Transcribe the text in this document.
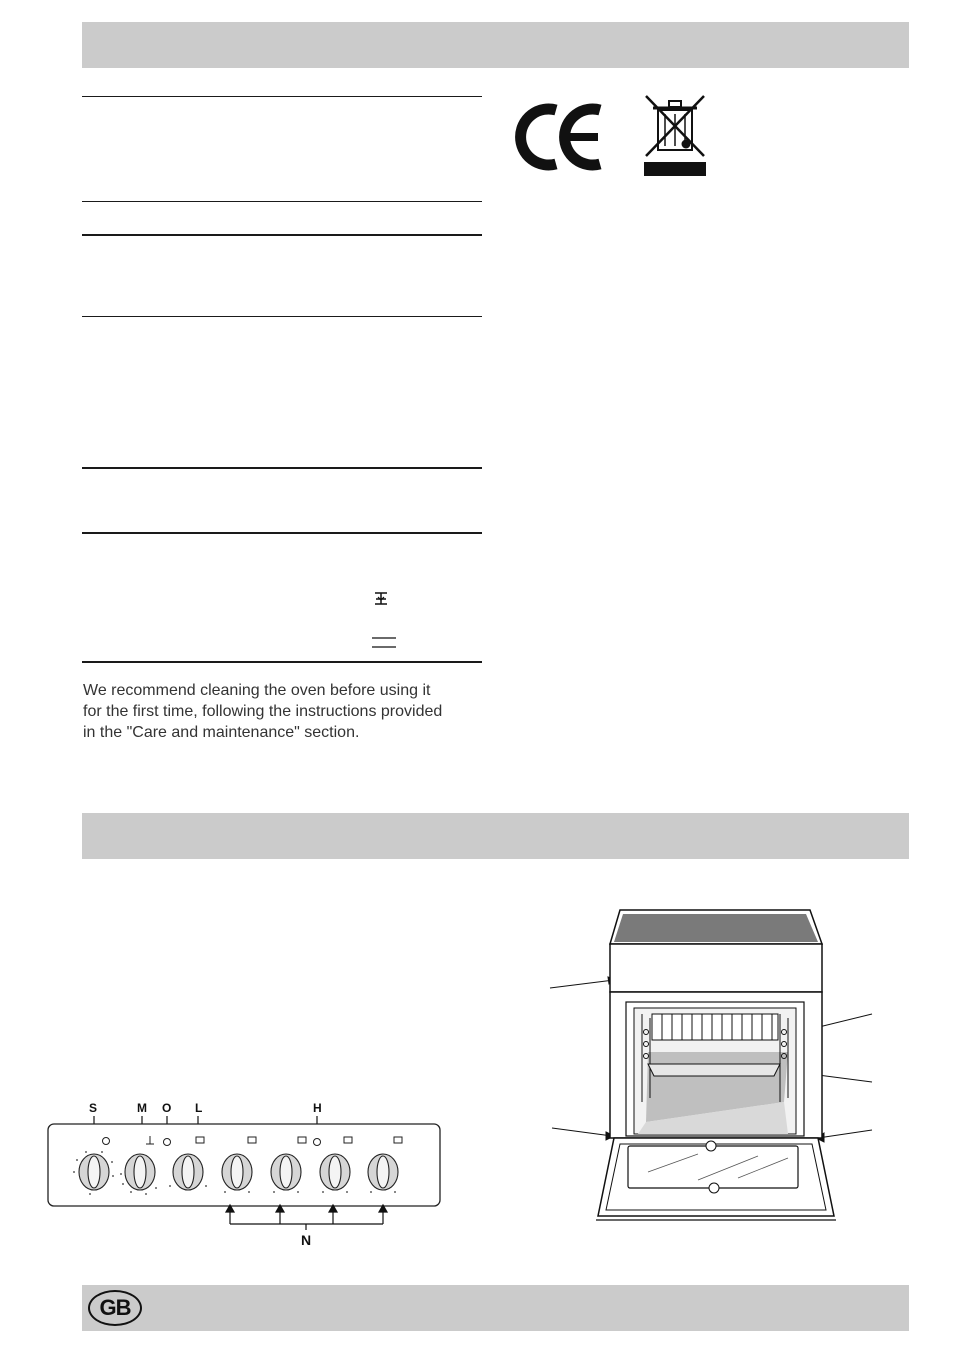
We recommend cleaning the oven before using it for the first time, following the instructions provided in the "Care and maintenance" section.
S	M O L	H
N
GB
